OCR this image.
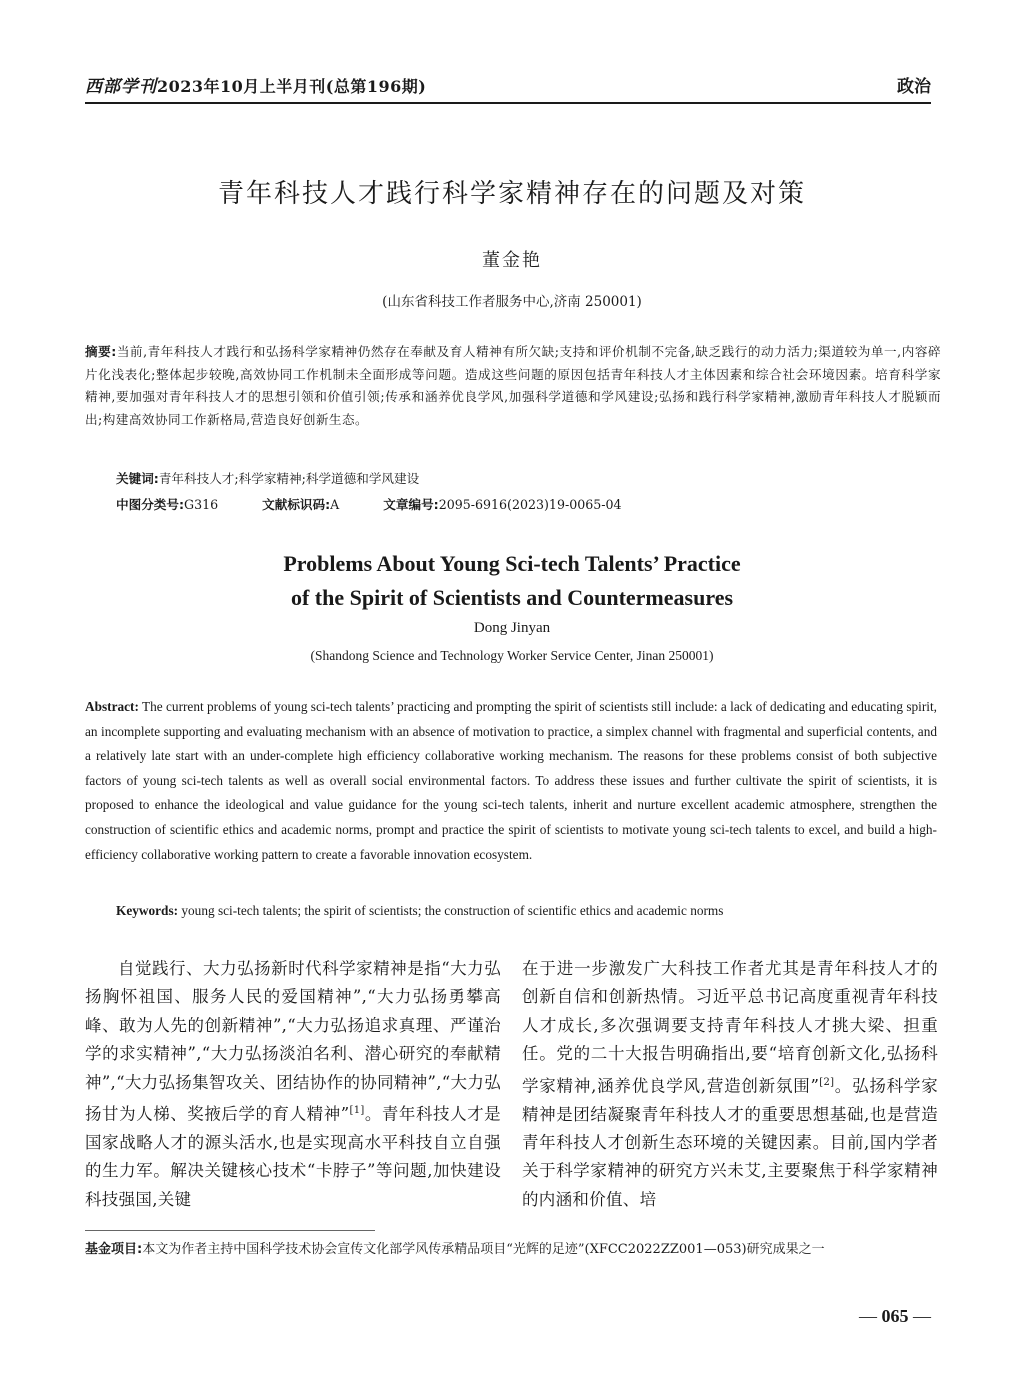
西部学刊2023年10月上半月刊(总第196期)	政治
青年科技人才践行科学家精神存在的问题及对策
董金艳
(山东省科技工作者服务中心,济南 250001)
摘要:当前,青年科技人才践行和弘扬科学家精神仍然存在奉献及育人精神有所欠缺;支持和评价机制不完备,缺乏践行的动力活力;渠道较为单一,内容碎片化浅表化;整体起步较晚,高效协同工作机制未全面形成等问题。造成这些问题的原因包括青年科技人才主体因素和综合社会环境因素。培育科学家精神,要加强对青年科技人才的思想引领和价值引领;传承和涵养优良学风,加强科学道德和学风建设;弘扬和践行科学家精神,激励青年科技人才脱颖而出;构建高效协同工作新格局,营造良好创新生态。
关键词:青年科技人才;科学家精神;科学道德和学风建设
中图分类号:G316	文献标识码:A	文章编号:2095-6916(2023)19-0065-04
Problems About Young Sci-tech Talents’ Practice
of the Spirit of Scientists and Countermeasures
Dong Jinyan
(Shandong Science and Technology Worker Service Center, Jinan 250001)
Abstract: The current problems of young sci-tech talents’ practicing and prompting the spirit of scientists still include: a lack of dedicating and educating spirit, an incomplete supporting and evaluating mechanism with an absence of motivation to practice, a simplex channel with fragmental and superficial contents, and a relatively late start with an under-complete high efficiency collaborative working mechanism. The reasons for these problems consist of both subjective factors of young sci-tech talents as well as overall social environmental factors. To address these issues and further cultivate the spirit of scientists, it is proposed to enhance the ideological and value guidance for the young sci-tech talents, inherit and nurture excellent academic atmosphere, strengthen the construction of scientific ethics and academic norms, prompt and practice the spirit of scientists to motivate young sci-tech talents to excel, and build a high-efficiency collaborative working pattern to create a favorable innovation ecosystem.
Keywords: young sci-tech talents; the spirit of scientists; the construction of scientific ethics and academic norms
自觉践行、大力弘扬新时代科学家精神是指“大力弘扬胸怀祖国、服务人民的爱国精神”,“大力弘扬勇攀高峰、敢为人先的创新精神”,“大力弘扬追求真理、严谨治学的求实精神”,“大力弘扬淡泊名利、潜心研究的奉献精神”,“大力弘扬集智攻关、团结协作的协同精神”,“大力弘扬甘为人梯、奖掖后学的育人精神”[1]。青年科技人才是国家战略人才的源头活水,也是实现高水平科技自立自强的生力军。解决关键核心技术“卡脖子”等问题,加快建设科技强国,关键
在于进一步激发广大科技工作者尤其是青年科技人才的创新自信和创新热情。习近平总书记高度重视青年科技人才成长,多次强调要支持青年科技人才挑大梁、担重任。党的二十大报告明确指出,要“培育创新文化,弘扬科学家精神,涵养优良学风,营造创新氛围”[2]。弘扬科学家精神是团结凝聚青年科技人才的重要思想基础,也是营造青年科技人才创新生态环境的关键因素。目前,国内学者关于科学家精神的研究方兴未艾,主要聚焦于科学家精神的内涵和价值、培
基金项目:本文为作者主持中国科学技术协会宣传文化部学风传承精品项目“光辉的足迹”(XFCC2022ZZ001—053)研究成果之一
— 065 —
